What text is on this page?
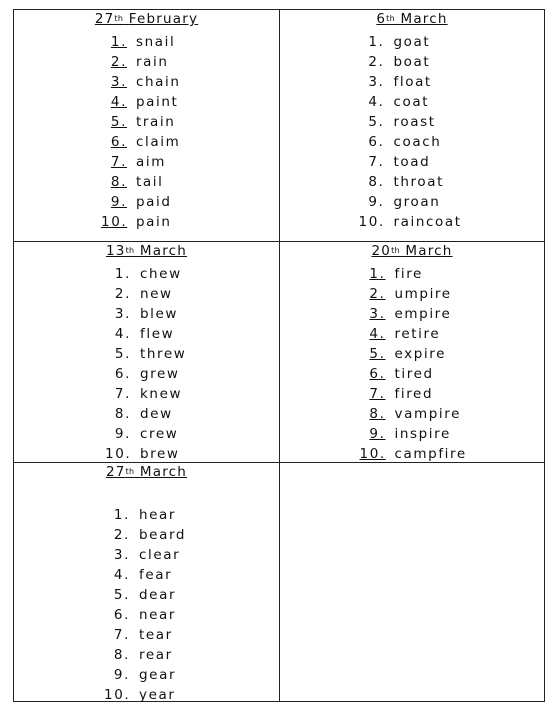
27th February
1. snail
2. rain
3. chain
4. paint
5. train
6. claim
7. aim
8. tail
9. paid
10. pain
6th March
1. goat
2. boat
3. float
4. coat
5. roast
6. coach
7. toad
8. throat
9. groan
10. raincoat
13th March
1. chew
2. new
3. blew
4. flew
5. threw
6. grew
7. knew
8. dew
9. crew
10. brew
20th March
1. fire
2. umpire
3. empire
4. retire
5. expire
6. tired
7. fired
8. vampire
9. inspire
10. campfire
27th March
1. hear
2. beard
3. clear
4. fear
5. dear
6. near
7. tear
8. rear
9. gear
10. year
